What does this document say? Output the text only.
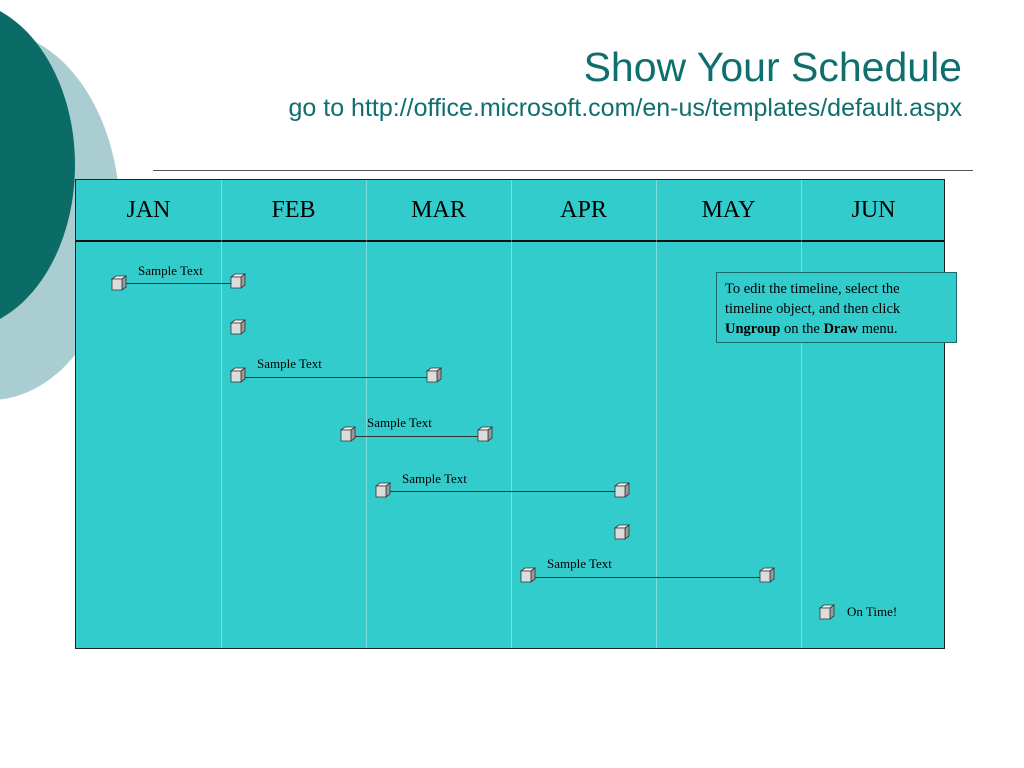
Show Your Schedule
go to http://office.microsoft.com/en-us/templates/default.aspx
JAN	FEB	MAR	APR	MAY	JUN
Sample Text
Sample Text
Sample Text
Sample Text
Sample Text
On Time!
To edit the timeline, select the timeline object, and then click Ungroup on the Draw menu.
